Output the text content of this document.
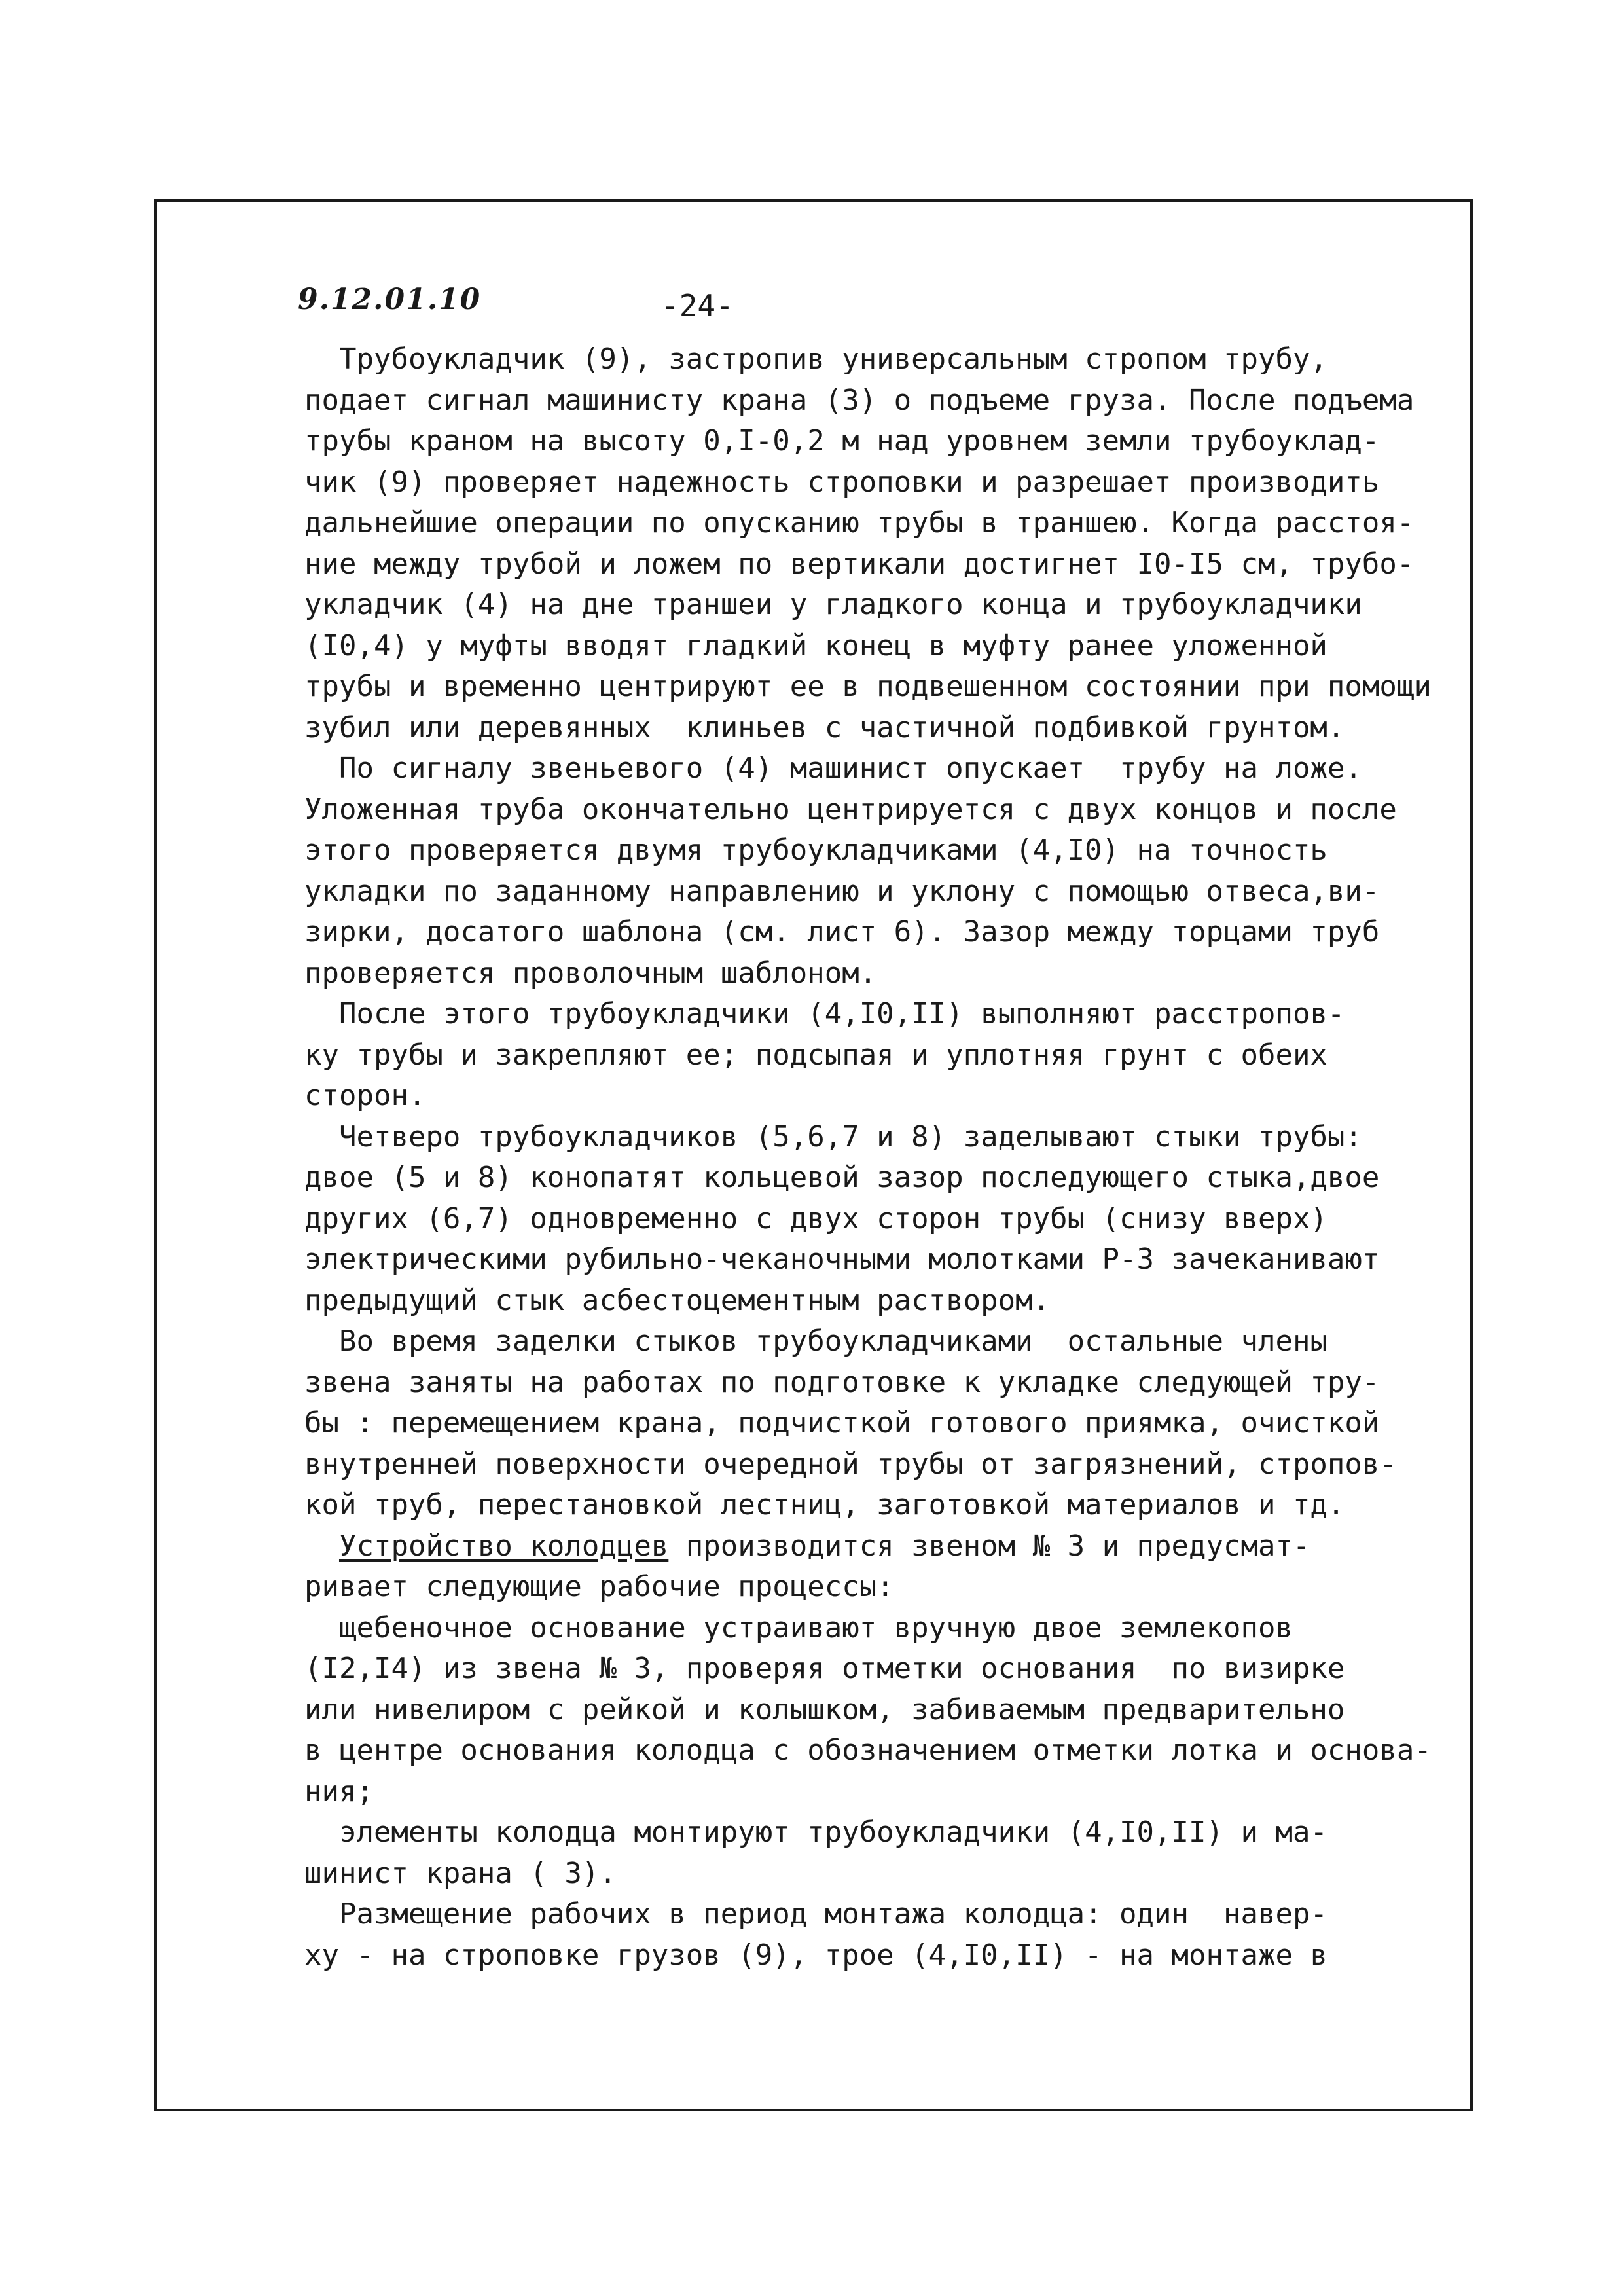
9.12.01.10	-24-
Трубоукладчик (9), застропив универсальным стропом трубу,
подает сигнал машинисту крана (3) о подъеме груза. После подъема
трубы краном на высоту 0,I-0,2 м над уровнем земли трубоуклад-
чик (9) проверяет надежность строповки и разрешает производить
дальнейшие операции по опусканию трубы в траншею. Когда расстоя-
ние между трубой и ложем по вертикали достигнет I0-I5 см, трубо-
укладчик (4) на дне траншеи у гладкого конца и трубоукладчики
(I0,4) у муфты вводят гладкий конец в муфту ранее уложенной
трубы и временно центрируют ее в подвешенном состоянии при помощи
зубил или деревянных  клиньев с частичной подбивкой грунтом.
По сигналу звеньевого (4) машинист опускает  трубу на ложе.
Уложенная труба окончательно центрируется с двух концов и после
этого проверяется двумя трубоукладчиками (4,I0) на точность
укладки по заданному направлению и уклону с помощью отвеса,ви-
зирки, досатого шаблона (см. лист 6). Зазор между торцами труб
проверяется проволочным шаблоном.
После этого трубоукладчики (4,I0,II) выполняют расстропов-
ку трубы и закрепляют ее; подсыпая и уплотняя грунт с обеих
сторон.
Четверо трубоукладчиков (5,6,7 и 8) заделывают стыки трубы:
двое (5 и 8) конопатят кольцевой зазор последующего стыка,двое
других (6,7) одновременно с двух сторон трубы (снизу вверх)
электрическими рубильно-чеканочными молотками Р-3 зачеканивают
предыдущий стык асбестоцементным раствором.
Во время заделки стыков трубоукладчиками  остальные члены
звена заняты на работах по подготовке к укладке следующей тру-
бы : перемещением крана, подчисткой готового приямка, очисткой
внутренней поверхности очередной трубы от загрязнений, стропов-
кой труб, перестановкой лестниц, заготовкой материалов и тд.
Устройство колодцев производится звеном № 3 и предусмат-
ривает следующие рабочие процессы:
щебеночное основание устраивают вручную двое землекопов
(I2,I4) из звена № 3, проверяя отметки основания  по визирке
или нивелиром с рейкой и колышком, забиваемым предварительно
в центре основания колодца с обозначением отметки лотка и основа-
ния;
элементы колодца монтируют трубоукладчики (4,I0,II) и ма-
шинист крана ( 3).
Размещение рабочих в период монтажа колодца: один  навер-
ху - на строповке грузов (9), трое (4,I0,II) - на монтаже в
